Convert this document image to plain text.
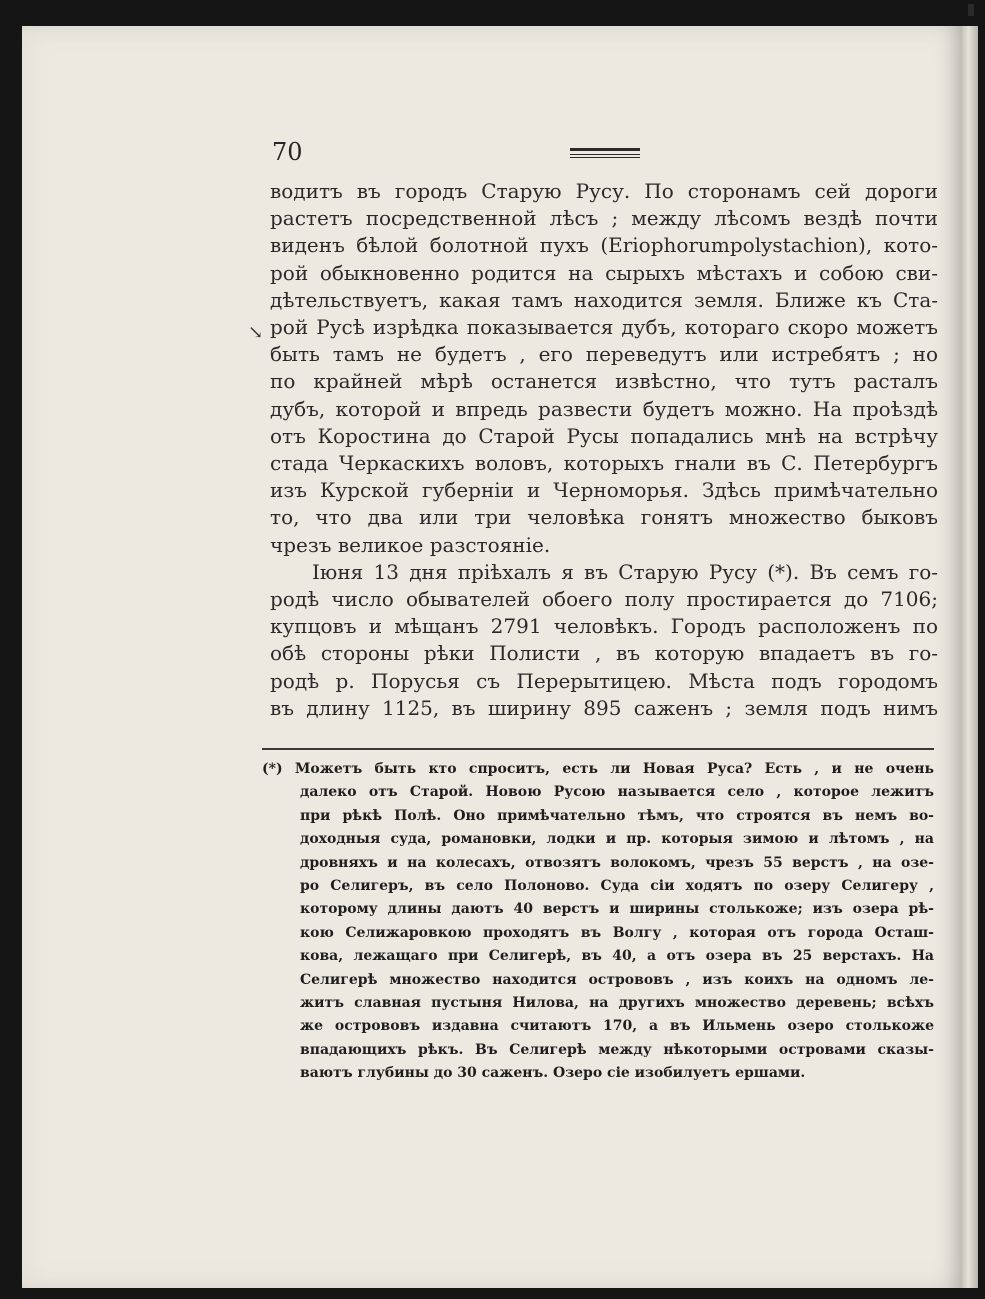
70
↘
водитъ въ городъ Старую Русу. По сторонамъ сей дороги
растетъ посредственной лѣсъ ; между лѣсомъ вездѣ почти
виденъ бѣлой болотной пухъ (Eriophorumpolystachion), кото-
рой обыкновенно родится на сырыхъ мѣстахъ и собою сви-
дѣтельствуетъ, какая тамъ находится земля. Ближе къ Ста-
рой Русѣ изрѣдка показывается дубъ, котораго скоро можетъ
быть тамъ не будетъ , его переведутъ или истребятъ ; но
по крайней мѣрѣ останется извѣстно, что тутъ расталъ
дубъ, которой и впредь развести будетъ можно. На проѣздѣ
отъ Коростина до Старой Русы попадались мнѣ на встрѣчу
стада Черкаскихъ воловъ, которыхъ гнали въ С. Петербургъ
изъ Курской губерніи и Черноморья. Здѣсь примѣчательно
то, что два или три человѣка гонятъ множество быковъ
чрезъ великое разстояніе.
Іюня 13 дня пріѣхалъ я въ Старую Русу (*). Въ семъ го-
родѣ число обывателей обоего полу простирается до 7106;
купцовъ и мѣщанъ 2791 человѣкъ. Городъ расположенъ по
обѣ стороны рѣки Полисти , въ которую впадаетъ въ го-
родѣ р. Порусья съ Перерытицею. Мѣста подъ городомъ
въ длину 1125, въ ширину 895 саженъ ; земля подъ нимъ
(*) Можетъ быть кто спроситъ, есть ли Новая Руса? Есть , и не очень
далеко отъ Старой. Новою Русою называется село , которое лежитъ
при рѣкѣ Полѣ. Оно примѣчательно тѣмъ, что строятся въ немъ во-
доходныя суда, романовки, лодки и пр. которыя зимою и лѣтомъ , на
дровняхъ и на колесахъ, отвозятъ волокомъ, чрезъ 55 верстъ , на озе-
ро Селигеръ, въ село Полоново. Суда сіи ходятъ по озеру Селигеру ,
которому длины даютъ 40 верстъ и ширины столькоже; изъ озера рѣ-
кою Селижаровкою проходятъ въ Волгу , которая отъ города Осташ-
кова, лежащаго при Селигерѣ, въ 40, а отъ озера въ 25 верстахъ. На
Селигерѣ множество находится острововъ , изъ коихъ на одномъ ле-
житъ славная пустыня Нилова, на другихъ множество деревень; всѣхъ
же острововъ издавна считаютъ 170, а въ Ильмень озеро столькоже
впадающихъ рѣкъ. Въ Селигерѣ между нѣкоторыми островами сказы-
ваютъ глубины до 30 саженъ. Озеро сіе изобилуетъ ершами.
